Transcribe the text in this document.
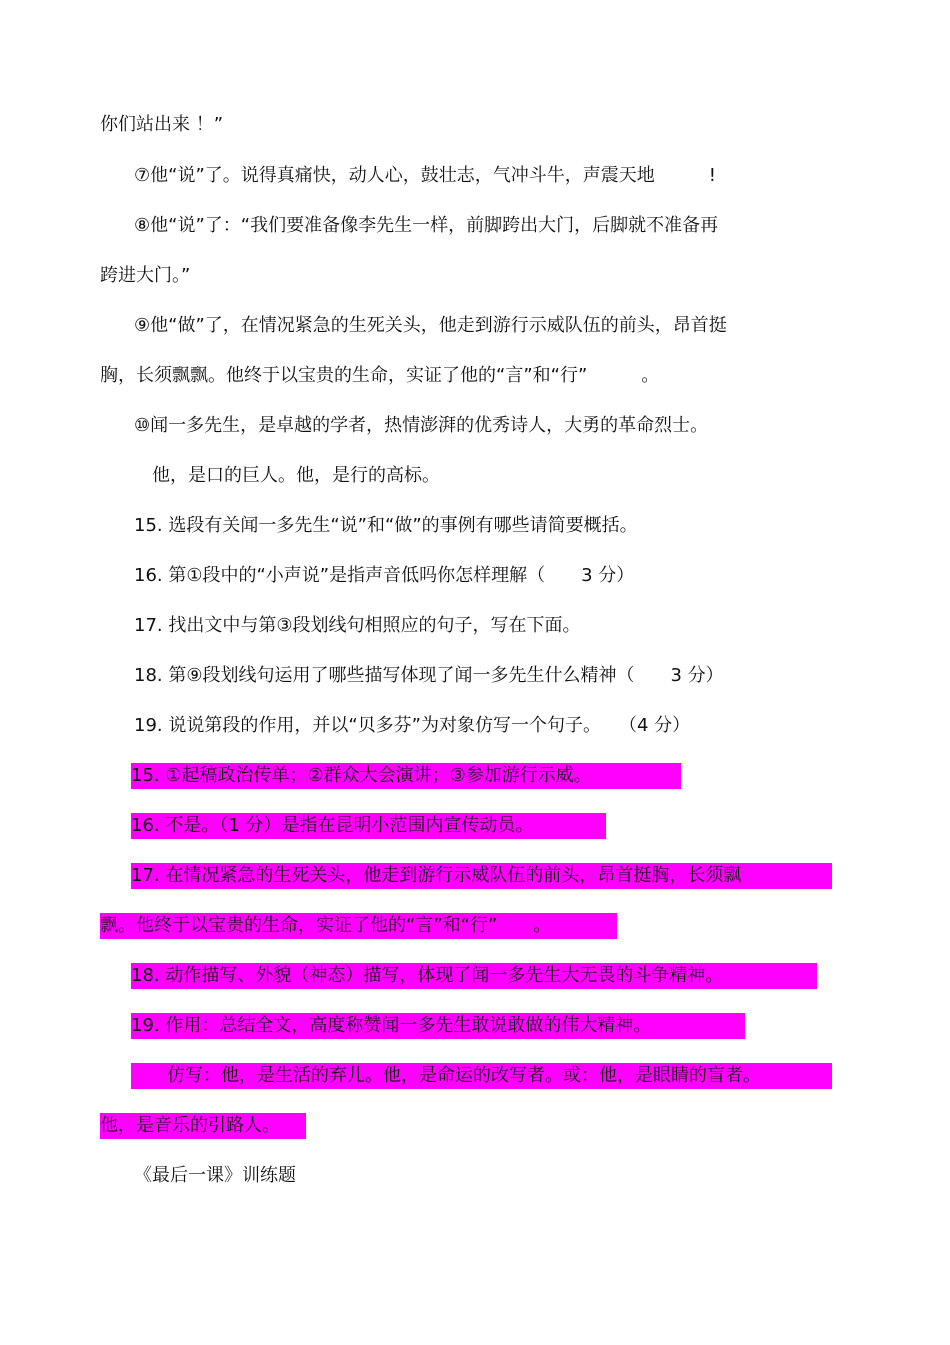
你们站出来 ！”

⑦他“说”了。说得真痛快，动人心，鼓壮志，气冲斗牛，声震天地　　　!

⑧他“说”了：“我们要准备像李先生一样，前脚跨出大门，后脚就不准备再

跨进大门。”

⑨他“做”了，在情况紧急的生死关头，他走到游行示威队伍的前头，昂首挺

胸，长须飘飘。他终于以宝贵的生命，实证了他的“言”和“行”　　　。

⑩闻一多先生，是卓越的学者，热情澎湃的优秀诗人，大勇的革命烈士。

他，是口的巨人。他，是行的高标。

15. 选段有关闻一多先生“说”和“做”的事例有哪些请简要概括。

16. 第①段中的“小声说”是指声音低吗你怎样理解（　　3 分）

17. 找出文中与第③段划线句相照应的句子，写在下面。

18. 第⑨段划线句运用了哪些描写体现了闻一多先生什么精神（　　3 分）

19. 说说第段的作用，并以“贝多芬”为对象仿写一个句子。　　（4 分）

15. ①起稿政治传单；②群众大会演讲；③参加游行示威。

16. 不是。（1 分）是指在昆明小范围内宣传动员。

17. 在情况紧急的生死关头，他走到游行示威队伍的前头，昂首挺胸，长须飘

飘。他终于以宝贵的生命，实证了他的“言”和“行”　　。

18. 动作描写、外貌（神态）描写，体现了闻一多先生大无畏的斗争精神。

19. 作用：总结全文，高度称赞闻一多先生敢说敢做的伟大精神。

　　仿写：他，是生活的弃儿。他，是命运的改写者。或：他，是眼睛的盲者。

他，是音乐的引路人。

《最后一课》训练题
